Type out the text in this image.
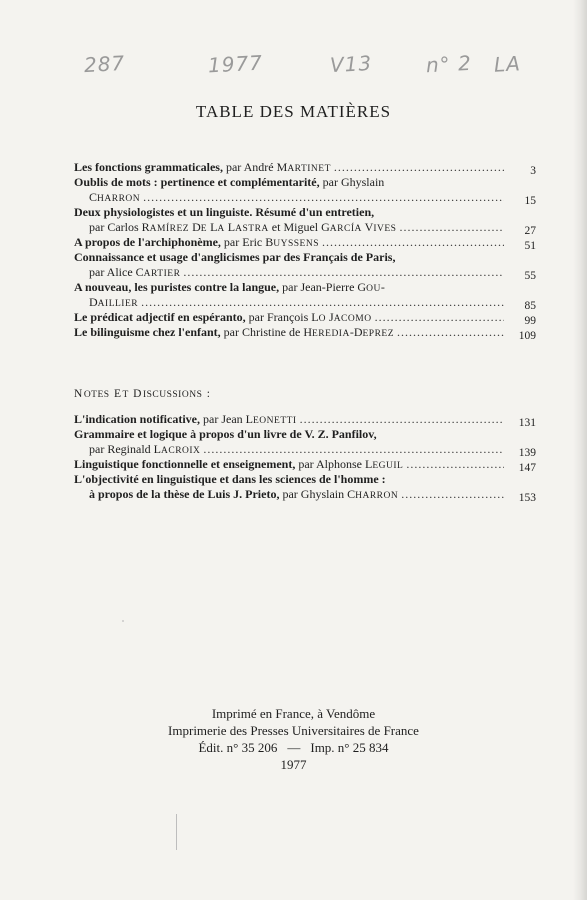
287	1977	V13	n° 2 LA
TABLE DES MATIÈRES
Les fonctions grammaticales, par André MARTINET .....	3
Oublis de mots : pertinence et complémentarité, par Ghyslain
CHARRON .....	15
Deux physiologistes et un linguiste. Résumé d'un entretien,
par Carlos RAMÍREZ DE LA LASTRA et Miguel GARCÍA VIVES .....	27
A propos de l'archiphonème, par Eric BUYSSENS .....	51
Connaissance et usage d'anglicismes par des Français de Paris,
par Alice CARTIER .....	55
A nouveau, les puristes contre la langue, par Jean-Pierre GOU-
DAILLIER .....	85
Le prédicat adjectif en espéranto, par François LO JACOMO .....	99
Le bilinguisme chez l'enfant, par Christine de HEREDIA-DEPREZ .....	109
NOTES ET DISCUSSIONS :
L'indication notificative, par Jean LEONETTI .....	131
Grammaire et logique à propos d'un livre de V. Z. Panfilov,
par Reginald LACROIX .....	139
Linguistique fonctionnelle et enseignement, par Alphonse LEGUIL .....	147
L'objectivité en linguistique et dans les sciences de l'homme :
à propos de la thèse de Luis J. Prieto, par Ghyslain CHARRON .....	153
Imprimé en France, à Vendôme
Imprimerie des Presses Universitaires de France
Édit. n° 35 206 — Imp. n° 25 834
1977
